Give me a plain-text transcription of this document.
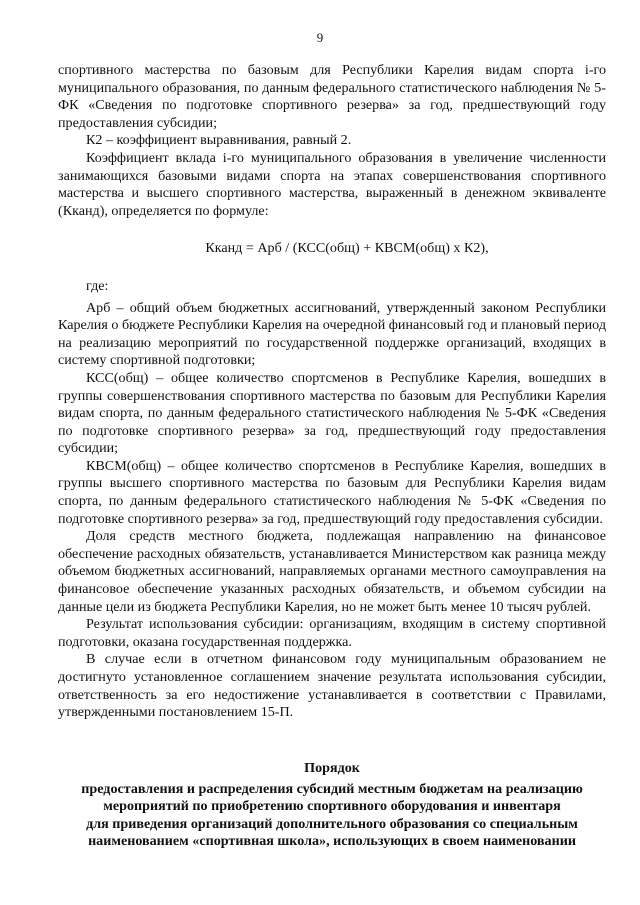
9

спортивного мастерства по базовым для Республики Карелия видам спорта i-го муниципального образования, по данным федерального статистического наблюдения № 5-ФК «Сведения по подготовке спортивного резерва» за год, предшествующий году предоставления субсидии;

К2 – коэффициент выравнивания, равный 2.

Коэффициент вклада i-го муниципального образования в увеличение численности занимающихся базовыми видами спорта на этапах совершенствования спортивного мастерства и высшего спортивного мастерства, выраженный в денежном эквиваленте (Кканд), определяется по формуле:

Кканд = Арб / (КСС(общ) + КВСМ(общ) х К2),

где:

Арб – общий объем бюджетных ассигнований, утвержденный законом Республики Карелия о бюджете Республики Карелия на очередной финансовый год и плановый период на реализацию мероприятий по государственной поддержке организаций, входящих в систему спортивной подготовки;

КСС(общ) – общее количество спортсменов в Республике Карелия, вошедших в группы совершенствования спортивного мастерства по базовым для Республики Карелия видам спорта, по данным федерального статистического наблюдения № 5-ФК «Сведения по подготовке спортивного резерва» за год, предшествующий году предоставления субсидии;

КВСМ(общ) – общее количество спортсменов в Республике Карелия, вошедших в группы высшего спортивного мастерства по базовым для Республики Карелия видам спорта, по данным федерального статистического наблюдения № 5-ФК «Сведения по подготовке спортивного резерва» за год, предшествующий году предоставления субсидии.

Доля средств местного бюджета, подлежащая направлению на финансовое обеспечение расходных обязательств, устанавливается Министерством как разница между объемом бюджетных ассигнований, направляемых органами местного самоуправления на финансовое обеспечение указанных расходных обязательств, и объемом субсидии на данные цели из бюджета Республики Карелия, но не может быть менее 10 тысяч рублей.

Результат использования субсидии: организациям, входящим в систему спортивной подготовки, оказана государственная поддержка.

В случае если в отчетном финансовом году муниципальным образованием не достигнуто установленное соглашением значение результата использования субсидии, ответственность за его недостижение устанавливается в соответствии с Правилами, утвержденными постановлением 15-П.

Порядок
предоставления и распределения субсидий местным бюджетам на реализацию
мероприятий по приобретению спортивного оборудования и инвентаря
для приведения организаций дополнительного образования со специальным
наименованием «спортивная школа», использующих в своем наименовании
